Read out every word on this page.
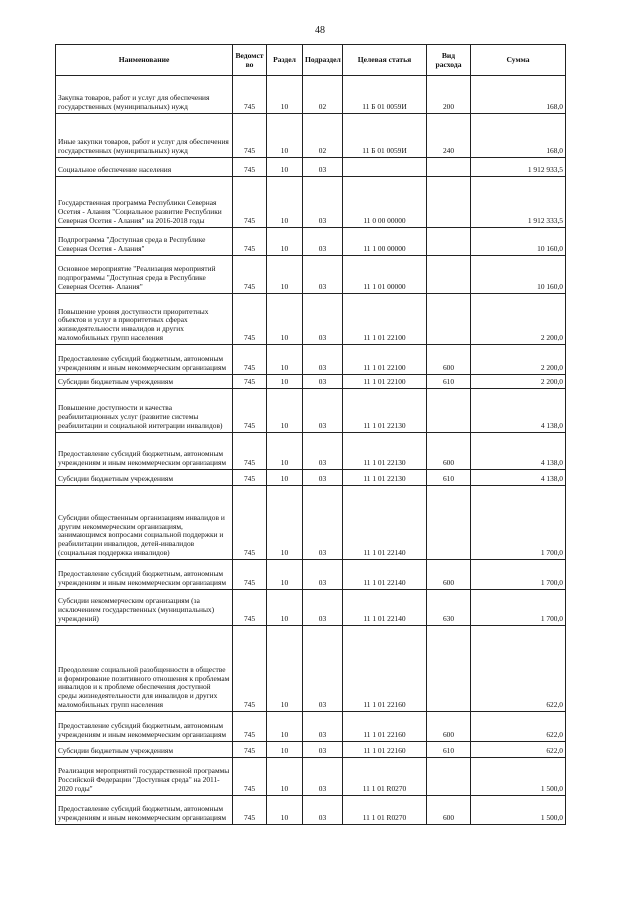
48
Наименование	Ведомст во	Раздел	Подраздел	Целевая статья	Вид расхода	Сумма
Закупка товаров, работ и услуг для обеспечения государственных (муниципальных) нужд	745	10	02	11 Б 01 0059И	200	168,0
Иные закупки товаров, работ и услуг для обеспечения государственных (муниципальных) нужд	745	10	02	11 Б 01 0059И	240	168,0
Социальное обеспечение населения	745	10	03			1 912 933,5
Государственная программа Республики Северная Осетия - Алания "Социальное развитие Республики Северная Осетия - Алания" на 2016-2018 годы	745	10	03	11 0 00 00000		1 912 333,5
Подпрограмма "Доступная среда в Республике Северная Осетия - Алания"	745	10	03	11 1 00 00000		10 160,0
Основное мероприятие "Реализация мероприятий подпрограммы "Доступная среда в Республике Северная Осетия- Алания"	745	10	03	11 1 01 00000		10 160,0
Повышение уровня доступности приоритетных объектов и услуг в приоритетных сферах жизнедеятельности инвалидов и других маломобильных групп населения	745	10	03	11 1 01 22100		2 200,0
Предоставление субсидий бюджетным, автономным учреждениям и иным некоммерческим организациям	745	10	03	11 1 01 22100	600	2 200,0
Субсидии бюджетным учреждениям	745	10	03	11 1 01 22100	610	2 200,0
Повышение доступности и качества реабилитационных услуг (развитие системы реабилитации и социальной интеграции инвалидов)	745	10	03	11 1 01 22130		4 138,0
Предоставление субсидий бюджетным, автономным учреждениям и иным некоммерческим организациям	745	10	03	11 1 01 22130	600	4 138,0
Субсидии бюджетным учреждениям	745	10	03	11 1 01 22130	610	4 138,0
Субсидии общественным организациям инвалидов и другим некоммерческим организациям, занимающимся вопросами социальной поддержки и реабилитации инвалидов, детей-инвалидов (социальная поддержка инвалидов)	745	10	03	11 1 01 22140		1 700,0
Предоставление субсидий бюджетным, автономным учреждениям и иным некоммерческим организациям	745	10	03	11 1 01 22140	600	1 700,0
Субсидии некоммерческим организациям (за исключением государственных (муниципальных) учреждений)	745	10	03	11 1 01 22140	630	1 700,0
Преодоление социальной разобщенности в обществе и формирование позитивного отношения к проблемам инвалидов и к проблеме обеспечения доступной среды жизнедеятельности для инвалидов и других маломобильных групп населения	745	10	03	11 1 01 22160		622,0
Предоставление субсидий бюджетным, автономным учреждениям и иным некоммерческим организациям	745	10	03	11 1 01 22160	600	622,0
Субсидии бюджетным учреждениям	745	10	03	11 1 01 22160	610	622,0
Реализация мероприятий государственной программы Российской Федерации "Доступная среда" на 2011-2020 годы"	745	10	03	11 1 01 R0270		1 500,0
Предоставление субсидий бюджетным, автономным учреждениям и иным некоммерческим организациям	745	10	03	11 1 01 R0270	600	1 500,0
